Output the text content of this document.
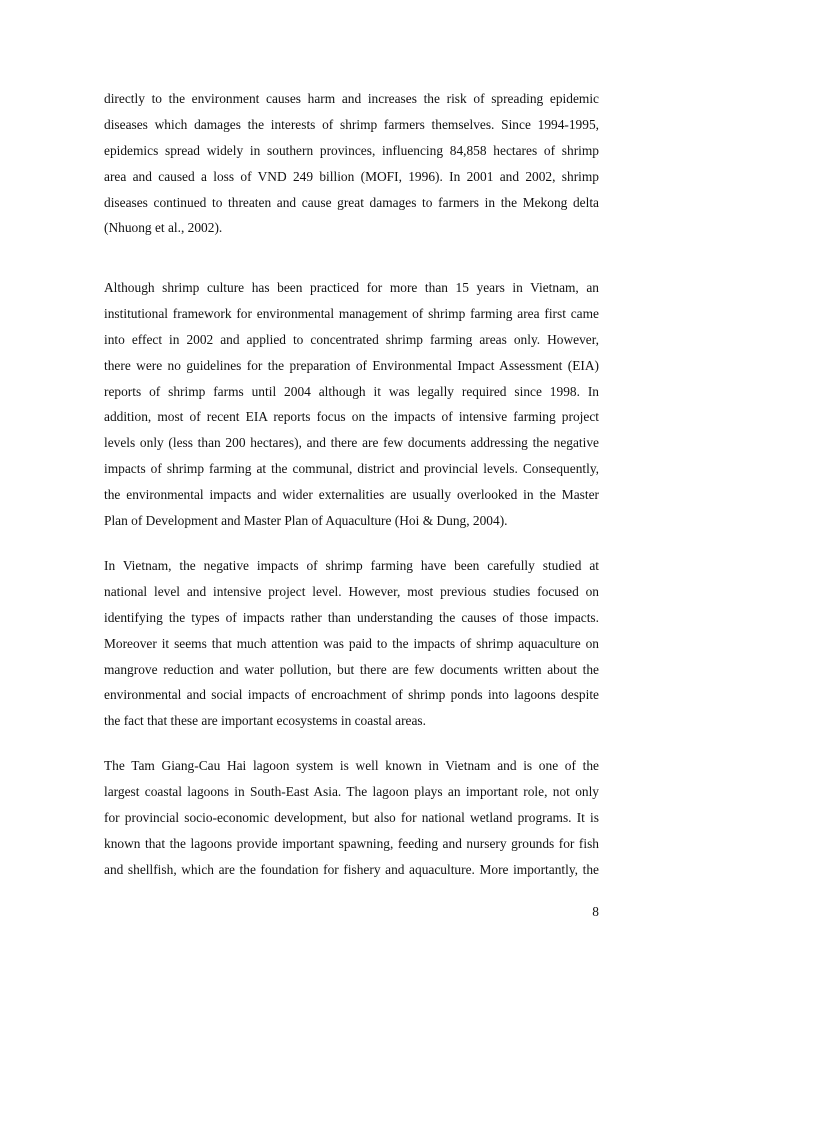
directly to the environment causes harm and increases the risk of spreading epidemic
diseases which damages the interests of shrimp farmers themselves. Since 1994-1995,
epidemics spread widely in southern provinces, influencing 84,858 hectares of shrimp
area and caused a loss of VND 249 billion (MOFI, 1996). In 2001 and 2002, shrimp
diseases continued to threaten and cause great damages to farmers in the Mekong delta
(Nhuong et al., 2002).

Although shrimp culture has been practiced for more than 15 years in Vietnam, an
institutional framework for environmental management of shrimp farming area first came
into effect in 2002 and applied to concentrated shrimp farming areas only. However,
there were no guidelines for the preparation of Environmental Impact Assessment (EIA)
reports of shrimp farms until 2004 although it was legally required since 1998. In
addition, most of recent EIA reports focus on the impacts of intensive farming project
levels only (less than 200 hectares), and there are few documents addressing the negative
impacts of shrimp farming at the communal, district and provincial levels. Consequently,
the environmental impacts and wider externalities are usually overlooked in the Master
Plan of Development and Master Plan of Aquaculture (Hoi & Dung, 2004).

In Vietnam, the negative impacts of shrimp farming have been carefully studied at
national level and intensive project level. However, most previous studies focused on
identifying the types of impacts rather than understanding the causes of those impacts.
Moreover it seems that much attention was paid to the impacts of shrimp aquaculture on
mangrove reduction and water pollution, but there are few documents written about the
environmental and social impacts of encroachment of shrimp ponds into lagoons despite
the fact that these are important ecosystems in coastal areas.

The Tam Giang-Cau Hai lagoon system is well known in Vietnam and is one of the
largest coastal lagoons in South-East Asia. The lagoon plays an important role, not only
for provincial socio-economic development, but also for national wetland programs. It is
known that the lagoons provide important spawning, feeding and nursery grounds for fish
and shellfish, which are the foundation for fishery and aquaculture. More importantly, the

8
